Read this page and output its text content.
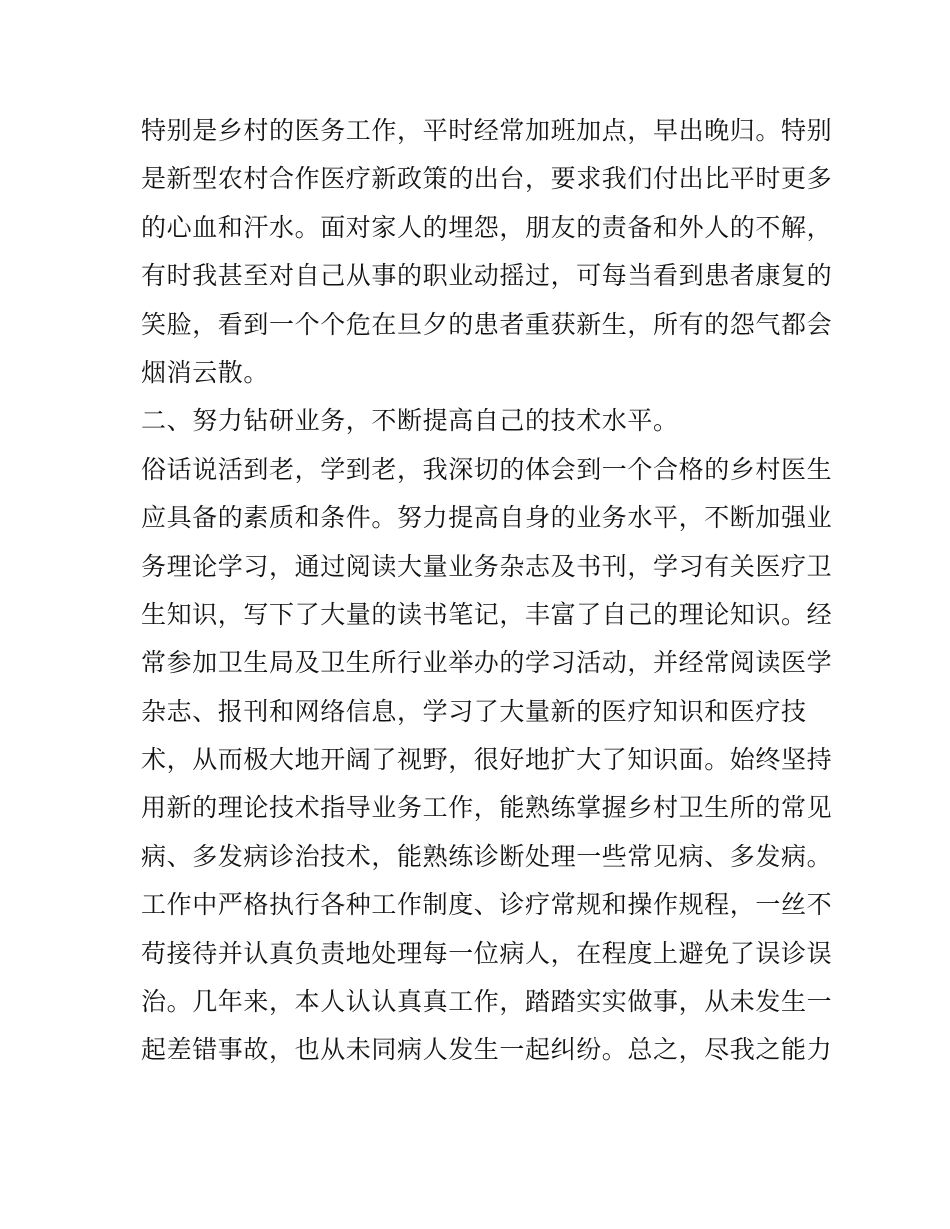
特别是乡村的医务工作，平时经常加班加点，早出晚归。特别
是新型农村合作医疗新政策的出台，要求我们付出比平时更多
的心血和汗水。面对家人的埋怨，朋友的责备和外人的不解，
有时我甚至对自己从事的职业动摇过，可每当看到患者康复的
笑脸，看到一个个危在旦夕的患者重获新生，所有的怨气都会
烟消云散。
二、努力钻研业务，不断提高自己的技术水平。
俗话说活到老，学到老，我深切的体会到一个合格的乡村医生
应具备的素质和条件。努力提高自身的业务水平，不断加强业
务理论学习，通过阅读大量业务杂志及书刊，学习有关医疗卫
生知识，写下了大量的读书笔记，丰富了自己的理论知识。经
常参加卫生局及卫生所行业举办的学习活动，并经常阅读医学
杂志、报刊和网络信息，学习了大量新的医疗知识和医疗技
术，从而极大地开阔了视野，很好地扩大了知识面。始终坚持
用新的理论技术指导业务工作，能熟练掌握乡村卫生所的常见
病、多发病诊治技术，能熟练诊断处理一些常见病、多发病。
工作中严格执行各种工作制度、诊疗常规和操作规程，一丝不
苟接待并认真负责地处理每一位病人，在程度上避免了误诊误
治。几年来，本人认认真真工作，踏踏实实做事，从未发生一
起差错事故，也从未同病人发生一起纠纷。总之，尽我之能力
